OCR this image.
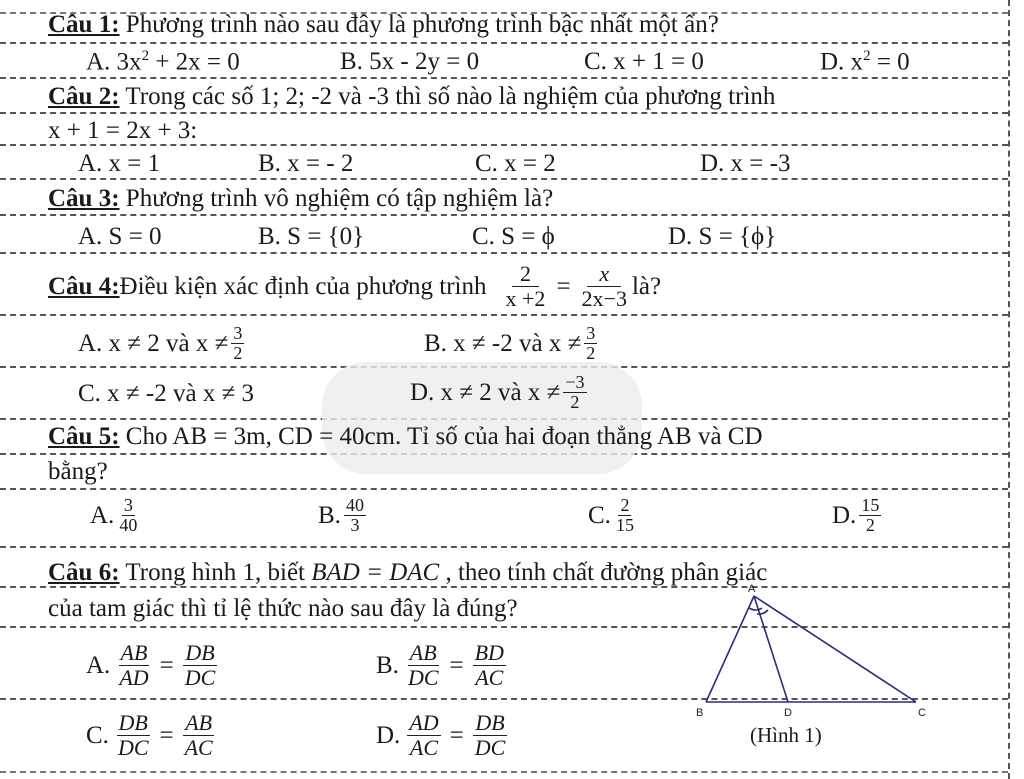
Câu 1: Phương trình nào sau đây là phương trình bậc nhất một ẩn?
A. $3x^2 + 2x = 0$	B. 5x - 2y = 0	C. x + 1 = 0	D. $x^2 = 0$
Câu 2: Trong các số 1; 2; -2 và -3 thì số nào là nghiệm của phương trình
x + 1 = 2x + 3:
A. x = 1	B. x = - 2	C. x = 2	D. x = -3
Câu 3: Phương trình vô nghiệm có tập nghiệm là?
A. S = 0	B. S = {0}	C. S = ϕ	D. S = {ϕ}
Câu 4: Điều kiện xác định của phương trình $\frac{2}{x +2} = \frac{x}{2x-3}$ là?
A. x ≠ 2 và $x \ne \frac{3}{2}$	B. x ≠ -2 và $x \ne \frac{3}{2}$
C. x ≠ -2 và x ≠ 3	D. x ≠ 2 và $x \ne \frac{-3}{2}$
Câu 5: Cho AB = 3m, CD = 40cm. Tỉ số của hai đoạn thẳng AB và CD
bằng?
A. $\frac{3}{40}$	B. $\frac{40}{3}$	C. $\frac{2}{15}$	D. $\frac{15}{2}$
Câu 6: Trong hình 1, biết BAD = DAC , theo tính chất đường phân giác
của tam giác thì tỉ lệ thức nào sau đây là đúng?
A. $\frac{AB}{AD} = \frac{DB}{DC}$	B. $\frac{AB}{DC} = \frac{BD}{AC}$
C. $\frac{DB}{DC} = \frac{AB}{AC}$	D. $\frac{AD}{AC} = \frac{DB}{DC}$
A
B	D	C
(Hình 1)
